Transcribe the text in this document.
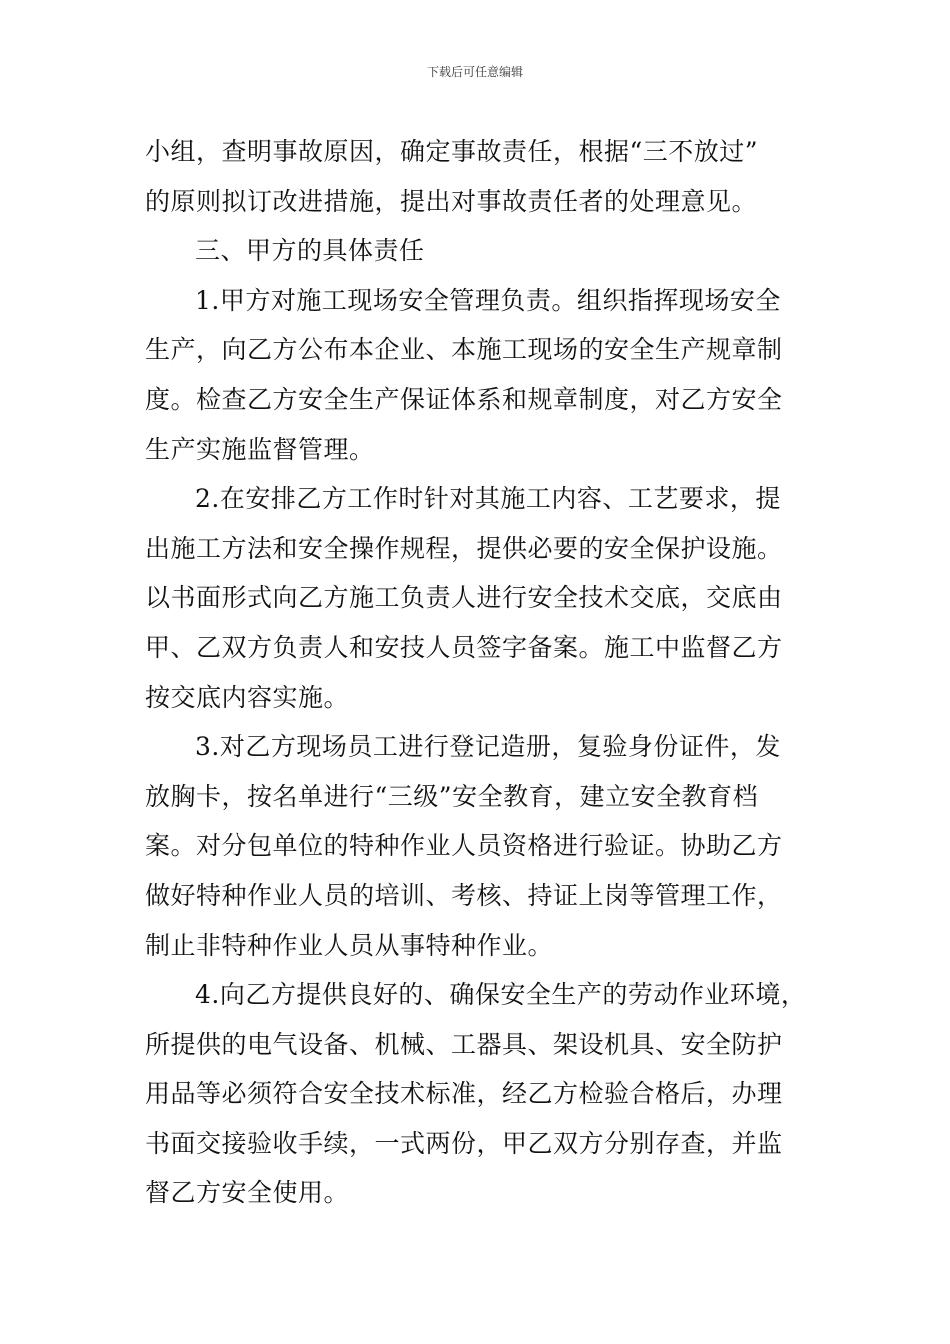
下载后可任意编辑
小组，查明事故原因，确定事故责任，根据“三不放过”
的原则拟订改进措施，提出对事故责任者的处理意见。
三、甲方的具体责任
1.甲方对施工现场安全管理负责。组织指挥现场安全
生产，向乙方公布本企业、本施工现场的安全生产规章制
度。检查乙方安全生产保证体系和规章制度，对乙方安全
生产实施监督管理。
2.在安排乙方工作时针对其施工内容、工艺要求，提
出施工方法和安全操作规程，提供必要的安全保护设施。
以书面形式向乙方施工负责人进行安全技术交底，交底由
甲、乙双方负责人和安技人员签字备案。施工中监督乙方
按交底内容实施。
3.对乙方现场员工进行登记造册，复验身份证件，发
放胸卡，按名单进行“三级”安全教育，建立安全教育档
案。对分包单位的特种作业人员资格进行验证。协助乙方
做好特种作业人员的培训、考核、持证上岗等管理工作，
制止非特种作业人员从事特种作业。
4.向乙方提供良好的、确保安全生产的劳动作业环境，
所提供的电气设备、机械、工器具、架设机具、安全防护
用品等必须符合安全技术标准，经乙方检验合格后，办理
书面交接验收手续，一式两份，甲乙双方分别存查，并监
督乙方安全使用。
